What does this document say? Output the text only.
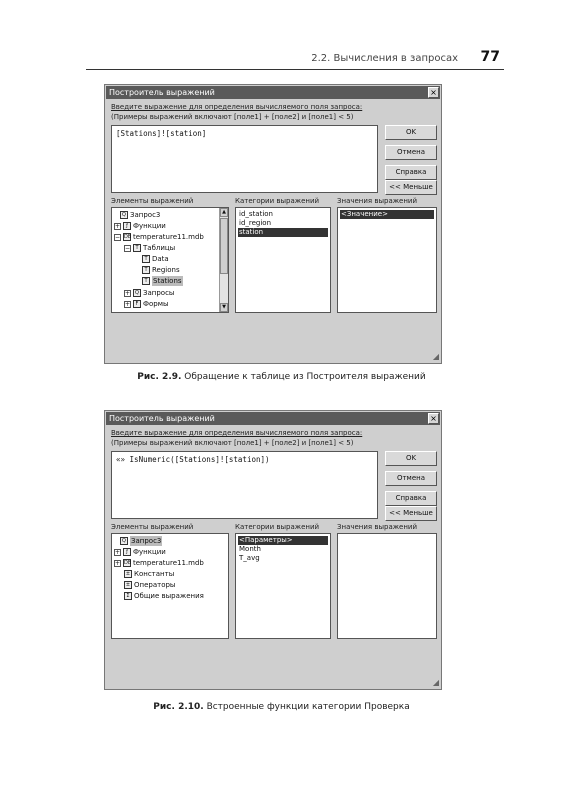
2.2. Вычисления в запросах 77
Построитель выражений	×
Введите выражение для определения вычисляемого поля запроса:
(Примеры выражений включают [поле1] + [поле2] и [поле1] < 5)
[Stations]![station]	OK
Отмена
Справка
<< Меньше
Элементы выражений	Категории выражений	Значения выражений
Q Запрос3
+	ƒ Функции
− DB temperature11.mdb
−	T Таблицы
T Data
T Regions
T Stations
+	Q Запросы
+	F Формы
▲
▼
id_station
id_region
station
<Значение>
◢
Рис. 2.9. Обращение к таблице из Построителя выражений
Построитель выражений	×
Введите выражение для определения вычисляемого поля запроса:
(Примеры выражений включают [поле1] + [поле2] и [поле1] < 5)
«» IsNumeric([Stations]![station])	OK
Отмена
Справка
<< Меньше
Элементы выражений	Категории выражений	Значения выражений
Q Запрос3
+	ƒ Функции
+ DB temperature11.mdb
± Константы
± Операторы
Σ Общие выражения
<Параметры>
Month
T_avg
◢
Рис. 2.10. Встроенные функции категории Проверка
